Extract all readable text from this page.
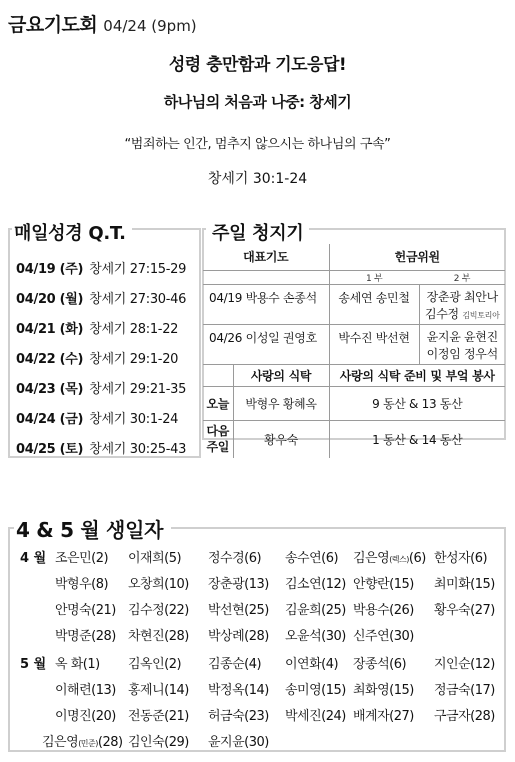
금요기도회 04/24 (9pm)
성령 충만함과 기도응답!
하나님의 처음과 나중: 창세기
“범죄하는 인간, 멈추지 않으시는 하나님의 구속”
창세기 30:1-24
매일성경 Q.T.
04/19 (주) 창세기 27:15-29
04/20 (월) 창세기 27:30-46
04/21 (화) 창세기 28:1-22
04/22 (수) 창세기 29:1-20
04/23 (목) 창세기 29:21-35
04/24 (금) 창세기 30:1-24
04/25 (토) 창세기 30:25-43
주일 청지기
대표기도		헌금위원	
		1 부	2 부
04/19 박용수 손종석		송세연 송민철	장춘광 최안나
김수정 김빅토리아

04/26 이성일 권영호		박수진 박선현	윤지윤 윤현진
이정임 정우석

	사랑의 식탁	사랑의 식탁 준비 및 부엌 봉사	
오늘	박형우 황혜옥	9 동산 & 13 동산	
다음 주일	황우숙	1 동산 & 14 동산	
4 & 5 월 생일자
4 월 조은민(2) 이재희(5) 정수경(6) 송수연(6) 김은영(렉스)(6) 한성자(6)
박형우(8) 오창희(10) 장춘광(13) 김소연(12) 안향란(15) 최미화(15)
안명숙(21) 김수정(22) 박선현(25) 김윤희(25) 박용수(26) 황우숙(27)
박명준(28) 차현진(28) 박상례(28) 오윤석(30) 신주연(30)
5 월 옥 화(1) 김옥인(2) 김종순(4) 이연화(4) 장종석(6) 지인순(12)
이해련(13) 홍제니(14) 박정옥(14) 송미영(15) 최화영(15) 정금숙(17)
이명진(20) 전동준(21) 허금숙(23) 박세진(24) 배계자(27) 구금자(28)
김은영(민준)(28) 김인숙(29) 윤지윤(30)
